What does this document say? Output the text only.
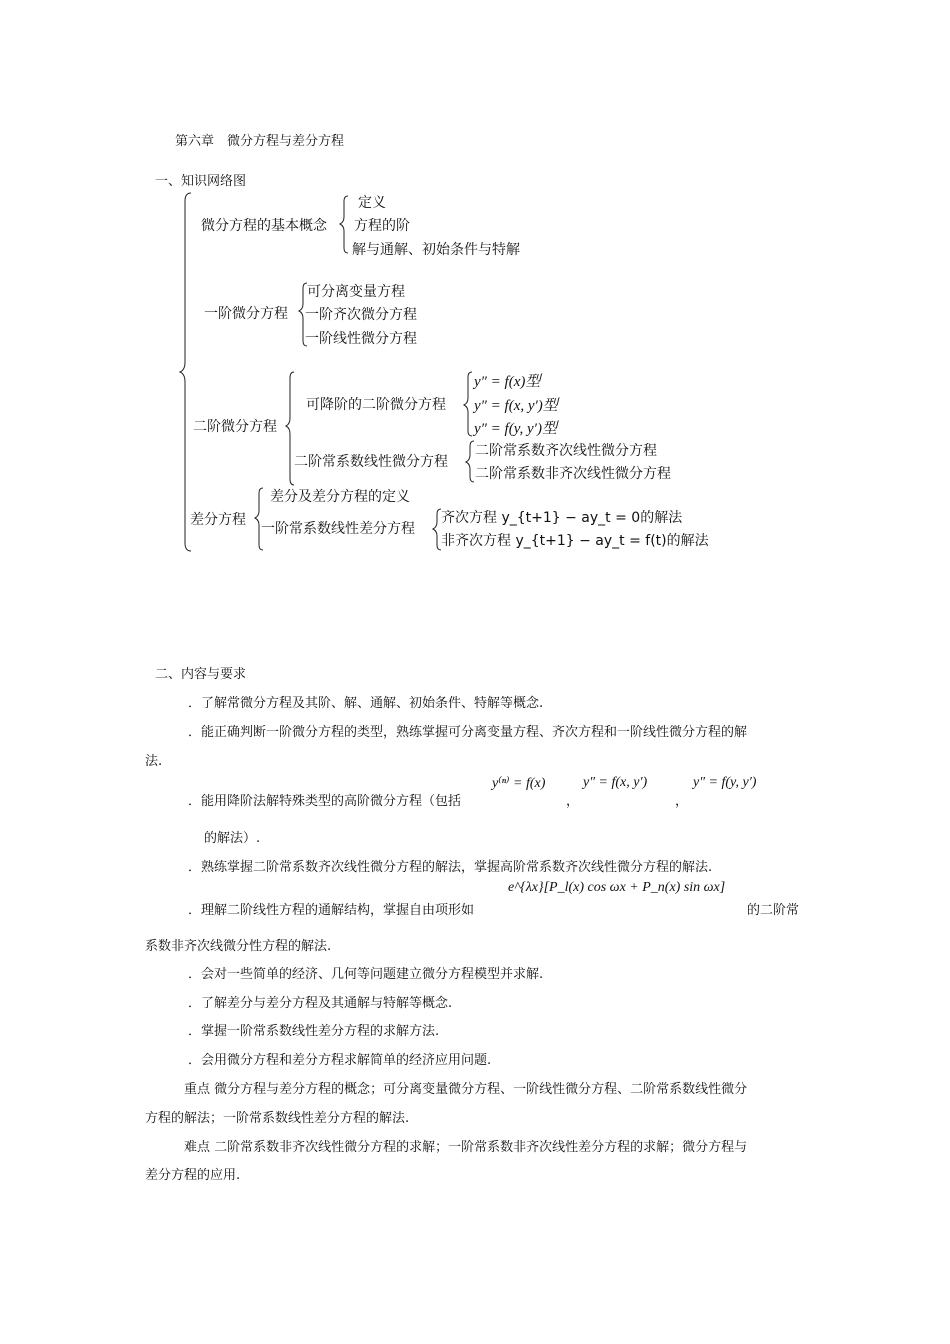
第六章　微分方程与差分方程
一、知识网络图
微分方程的基本概念
定义
方程的阶
解与通解、初始条件与特解
一阶微分方程
可分离变量方程
一阶齐次微分方程
一阶线性微分方程
二阶微分方程
可降阶的二阶微分方程
y″ = f(x)型
y″ = f(x, y′)型
y″ = f(y, y′)型
二阶常系数线性微分方程
二阶常系数齐次线性微分方程
二阶常系数非齐次线性微分方程
差分方程
差分及差分方程的定义
一阶常系数线性差分方程
齐次方程 y_{t+1} − ay_t = 0的解法
非齐次方程 y_{t+1} − ay_t = f(t)的解法
二、内容与要求
．了解常微分方程及其阶、解、通解、初始条件、特解等概念.
．能正确判断一阶微分方程的类型，熟练掌握可分离变量方程、齐次方程和一阶线性微分方程的解
法.
．能用降阶法解特殊类型的高阶微分方程（包括
y⁽ⁿ⁾ = f(x)
，
y″ = f(x, y′)
，
y″ = f(y, y′)
的解法）.
．熟练掌握二阶常系数齐次线性微分方程的解法，掌握高阶常系数齐次线性微分方程的解法.
．理解二阶线性方程的通解结构，掌握自由项形如
e^{λx}[P_l(x) cos ωx + P_n(x) sin ωx]
的二阶常
系数非齐次线微分性方程的解法.
．会对一些简单的经济、几何等问题建立微分方程模型并求解.
．了解差分与差分方程及其通解与特解等概念.
．掌握一阶常系数线性差分方程的求解方法.
．会用微分方程和差分方程求解简单的经济应用问题.
重点 微分方程与差分方程的概念；可分离变量微分方程、一阶线性微分方程、二阶常系数线性微分
方程的解法；一阶常系数线性差分方程的解法.
难点 二阶常系数非齐次线性微分方程的求解；一阶常系数非齐次线性差分方程的求解；微分方程与
差分方程的应用.
